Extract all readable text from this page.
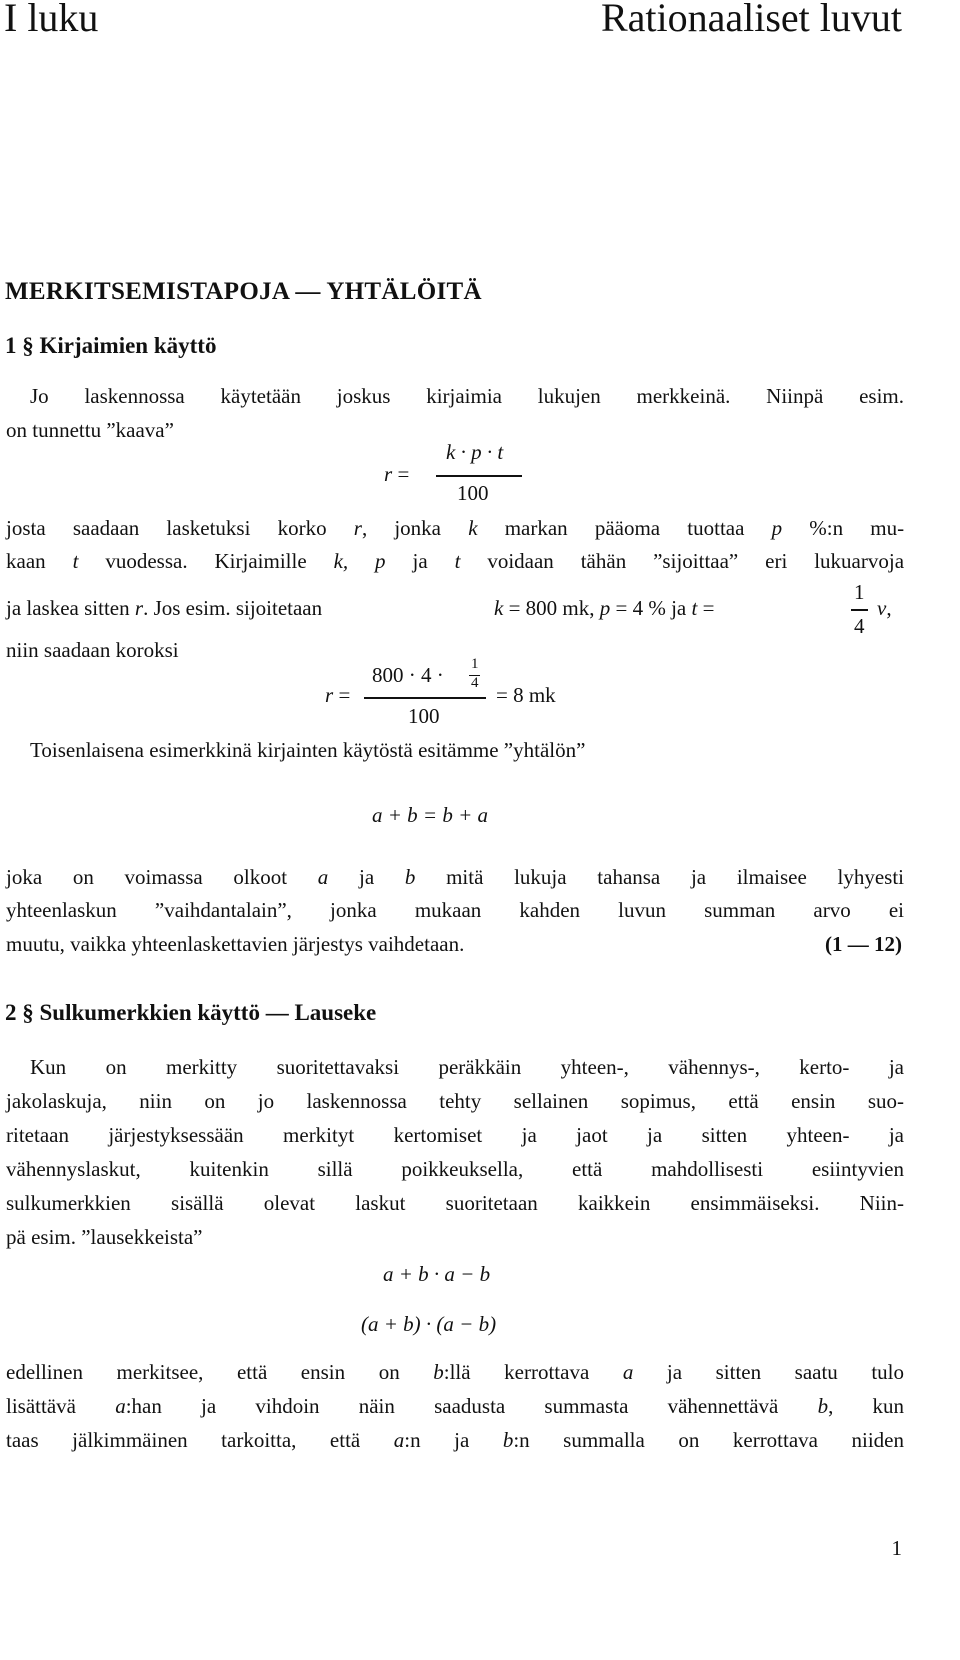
I luku	Rationaaliset luvut
MERKITSEMISTAPOJA — YHTÄLÖITÄ
1 § Kirjaimien käyttö
Jo laskennossa käytetään joskus kirjaimia lukujen merkkeinä. Niinpä esim.
on tunnettu ”kaava”
r =
k · p · t
100
josta saadaan lasketuksi korko r, jonka k markan pääoma tuottaa p %:n mu-
kaan t vuodessa. Kirjaimille k, p ja t voidaan tähän ”sijoittaa” eri lukuarvoja
ja laskea sitten r. Jos esim. sijoitetaan	k = 800 mk, p = 4 % ja t =
1
4
v,
niin saadaan koroksi
r =
800 · 4 · 1
4
100
= 8 mk
Toisenlaisena esimerkkinä kirjainten käytöstä esitämme ”yhtälön”
a + b = b + a
joka on voimassa olkoot a ja b mitä lukuja tahansa ja ilmaisee lyhyesti
yhteenlaskun ”vaihdantalain”, jonka mukaan kahden luvun summan arvo ei
muutu, vaikka yhteenlaskettavien järjestys vaihdetaan.	(1 — 12)
2 § Sulkumerkkien käyttö — Lauseke
Kun on merkitty suoritettavaksi peräkkäin yhteen-, vähennys-, kerto- ja
jakolaskuja, niin on jo laskennossa tehty sellainen sopimus, että ensin suo-
ritetaan järjestyksessään merkityt kertomiset ja jaot ja sitten yhteen- ja
vähennyslaskut, kuitenkin sillä poikkeuksella, että mahdollisesti esiintyvien
sulkumerkkien sisällä olevat laskut suoritetaan kaikkein ensimmäiseksi. Niin-
pä esim. ”lausekkeista”
a + b · a − b
(a + b) · (a − b)
edellinen merkitsee, että ensin on b:llä kerrottava a ja sitten saatu tulo
lisättävä a:han ja vihdoin näin saadusta summasta vähennettävä b, kun
taas jälkimmäinen tarkoitta, että a:n ja b:n summalla on kerrottava niiden
1
